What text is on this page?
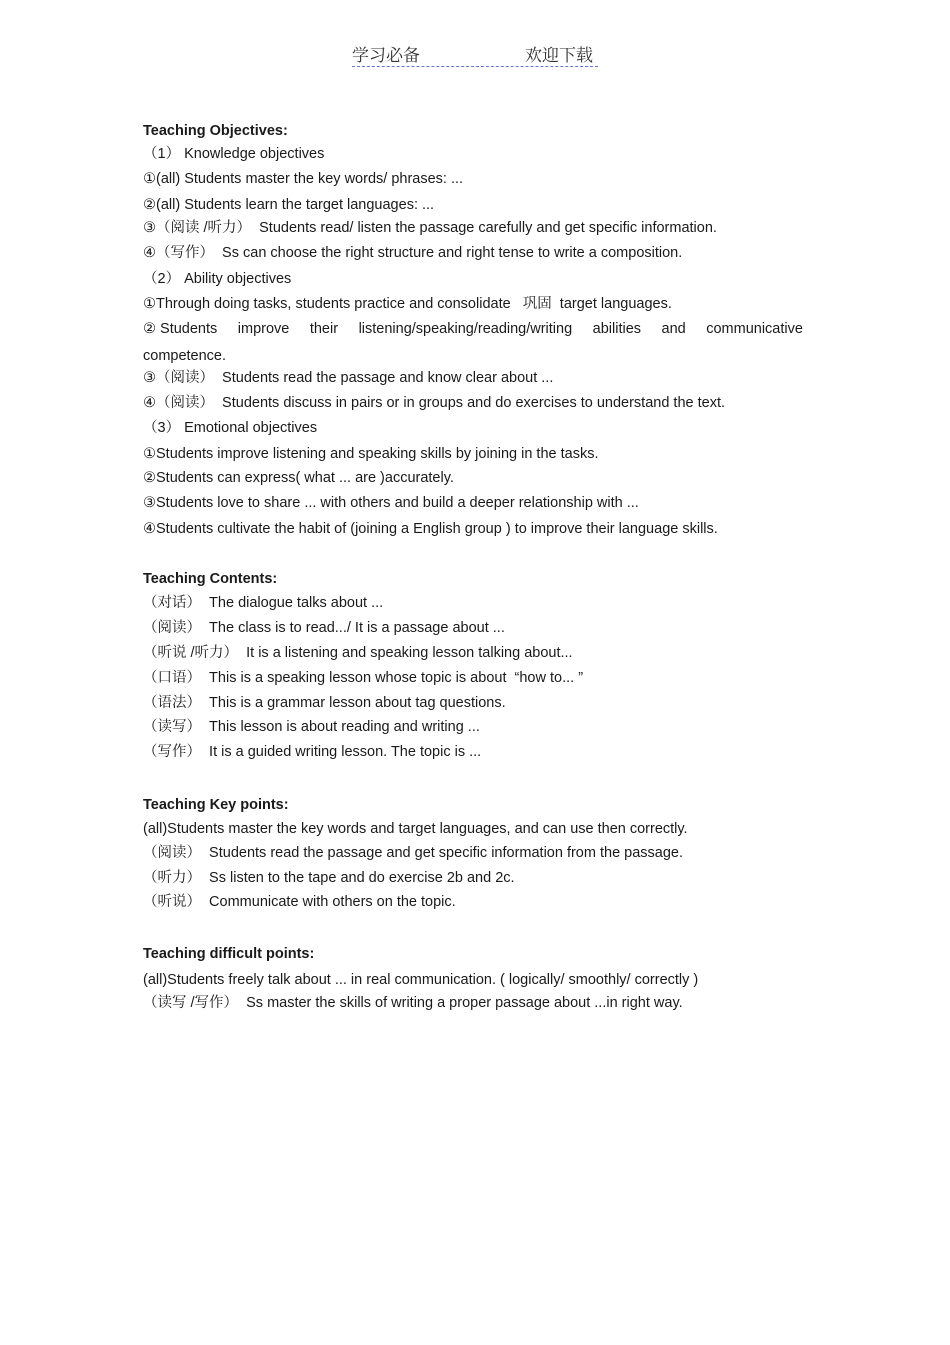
学习必备	欢迎下载
Teaching Objectives:
（1） Knowledge objectives
①(all) Students master the key words/ phrases: ...
②(all) Students learn the target languages: ...
③（阅读 /听力）  Students read/ listen the passage carefully and get specific information.
④（写作）  Ss can choose the right structure and right tense to write a composition.
（2） Ability objectives
①Through doing tasks, students practice and consolidate   巩固  target languages.
② Students improve their listening/speaking/reading/writing abilities and communicative
competence.
③（阅读）  Students read the passage and know clear about ...
④（阅读）  Students discuss in pairs or in groups and do exercises to understand the text.
（3） Emotional objectives
①Students improve listening and speaking skills by joining in the tasks.
②Students can express( what ... are )accurately.
③Students love to share ... with others and build a deeper relationship with ...
④Students cultivate the habit of (joining a English group ) to improve their language skills.
Teaching Contents:
（对话）  The dialogue talks about ...
（阅读）  The class is to read.../ It is a passage about ...
（听说 /听力）  It is a listening and speaking lesson talking about...
（口语）  This is a speaking lesson whose topic is about  “how to... ”
（语法）  This is a grammar lesson about tag questions.
（读写）  This lesson is about reading and writing ...
（写作）  It is a guided writing lesson. The topic is ...
Teaching Key points:
(all)Students master the key words and target languages, and can use then correctly.
（阅读）  Students read the passage and get specific information from the passage.
（听力）  Ss listen to the tape and do exercise 2b and 2c.
（听说）  Communicate with others on the topic.
Teaching difficult points:
(all)Students freely talk about ... in real communication. ( logically/ smoothly/ correctly )
（读写 /写作）  Ss master the skills of writing a proper passage about ...in right way.
